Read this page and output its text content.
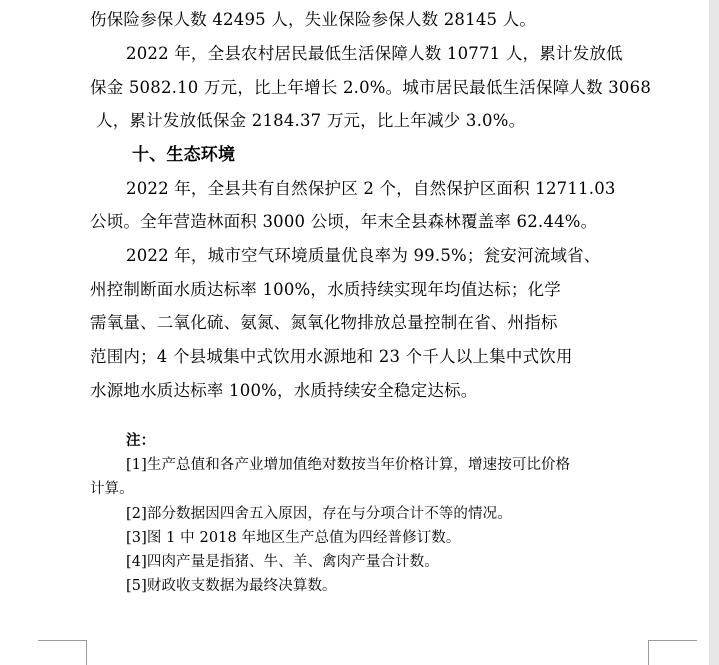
伤保险参保人数 42495 人，失业保险参保人数 28145 人。
2022 年，全县农村居民最低生活保障人数 10771 人，累计发放低
保金 5082.10 万元，比上年增长 2.0%。城市居民最低生活保障人数 3068
人，累计发放低保金 2184.37 万元，比上年减少 3.0%。
十、生态环境
2022 年，全县共有自然保护区 2 个，自然保护区面积 12711.03
公顷。全年营造林面积 3000 公顷，年末全县森林覆盖率 62.44%。
2022 年，城市空气环境质量优良率为 99.5%；瓮安河流域省、
州控制断面水质达标率 100%，水质持续实现年均值达标；化学
需氧量、二氧化硫、氨氮、氮氧化物排放总量控制在省、州指标
范围内；4 个县城集中式饮用水源地和 23 个千人以上集中式饮用
水源地水质达标率 100%，水质持续安全稳定达标。
注：
[1]生产总值和各产业增加值绝对数按当年价格计算，增速按可比价格
计算。
[2]部分数据因四舍五入原因，存在与分项合计不等的情况。
[3]图 1 中 2018 年地区生产总值为四经普修订数。
[4]四肉产量是指猪、牛、羊、禽肉产量合计数。
[5]财政收支数据为最终决算数。
